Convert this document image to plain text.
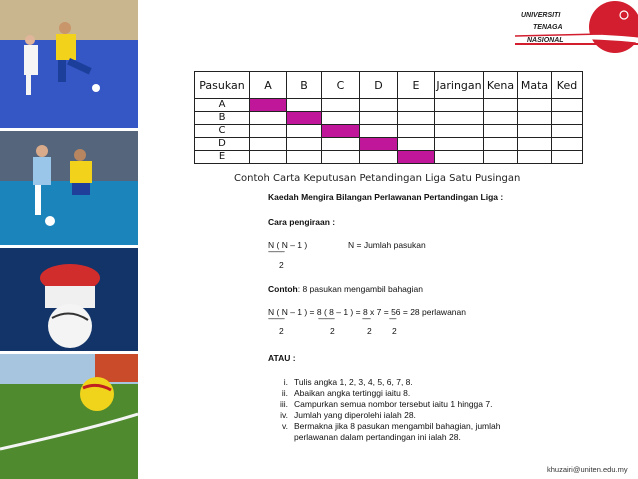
UNIVERSITI
TENAGA
NASIONAL
Pasukan	A	B	C	D	E	Jaringan	Kena	Mata	Ked
A									
B									
C									
D									
E									
Contoh Carta Keputusan Petandingan Liga Satu Pusingan
Kaedah Mengira Bilangan Perlawanan Pertandingan Liga :
Cara pengiraan :
N ( N – 1 )	N = Jumlah pasukan
------------
2
Contoh: 8 pasukan mengambil bahagian
N ( N – 1 ) = 8 ( 8 – 1 ) = 8 x 7 = 56 = 28 perlawanan
------------	------------	------	-----
2	2	2 2
ATAU :
i. Tulis angka 1, 2, 3, 4, 5, 6, 7, 8.
ii. Abaikan angka tertinggi iaitu 8.
iii. Campurkan semua nombor tersebut iaitu 1 hingga 7.
iv. Jumlah yang diperolehi ialah 28.
v. Bermakna jika 8 pasukan mengambil bahagian, jumlah
perlawanan dalam pertandingan ini ialah 28.
khuzairi@uniten.edu.my
